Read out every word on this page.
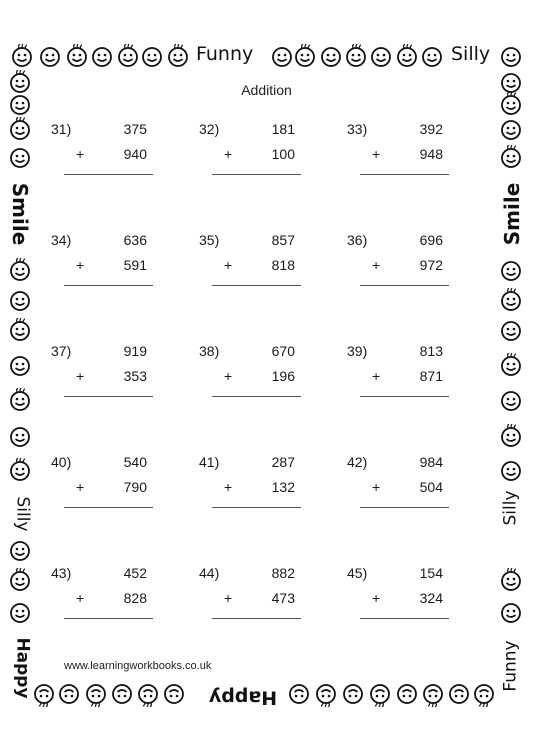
Funny	Silly
Smile
Silly
Happy
Smile
Silly
Funny
Happy
Addition
31)	375
+	940
32)	181
+	100
33)	392
+	948
34)	636
+	591
35)	857
+	818
36)	696
+	972
37)	919
+	353
38)	670
+	196
39)	813
+	871
40)	540
+	790
41)	287
+	132
42)	984
+	504
43)	452
+	828
44)	882
+	473
45)	154
+	324
www.learningworkbooks.co.uk
